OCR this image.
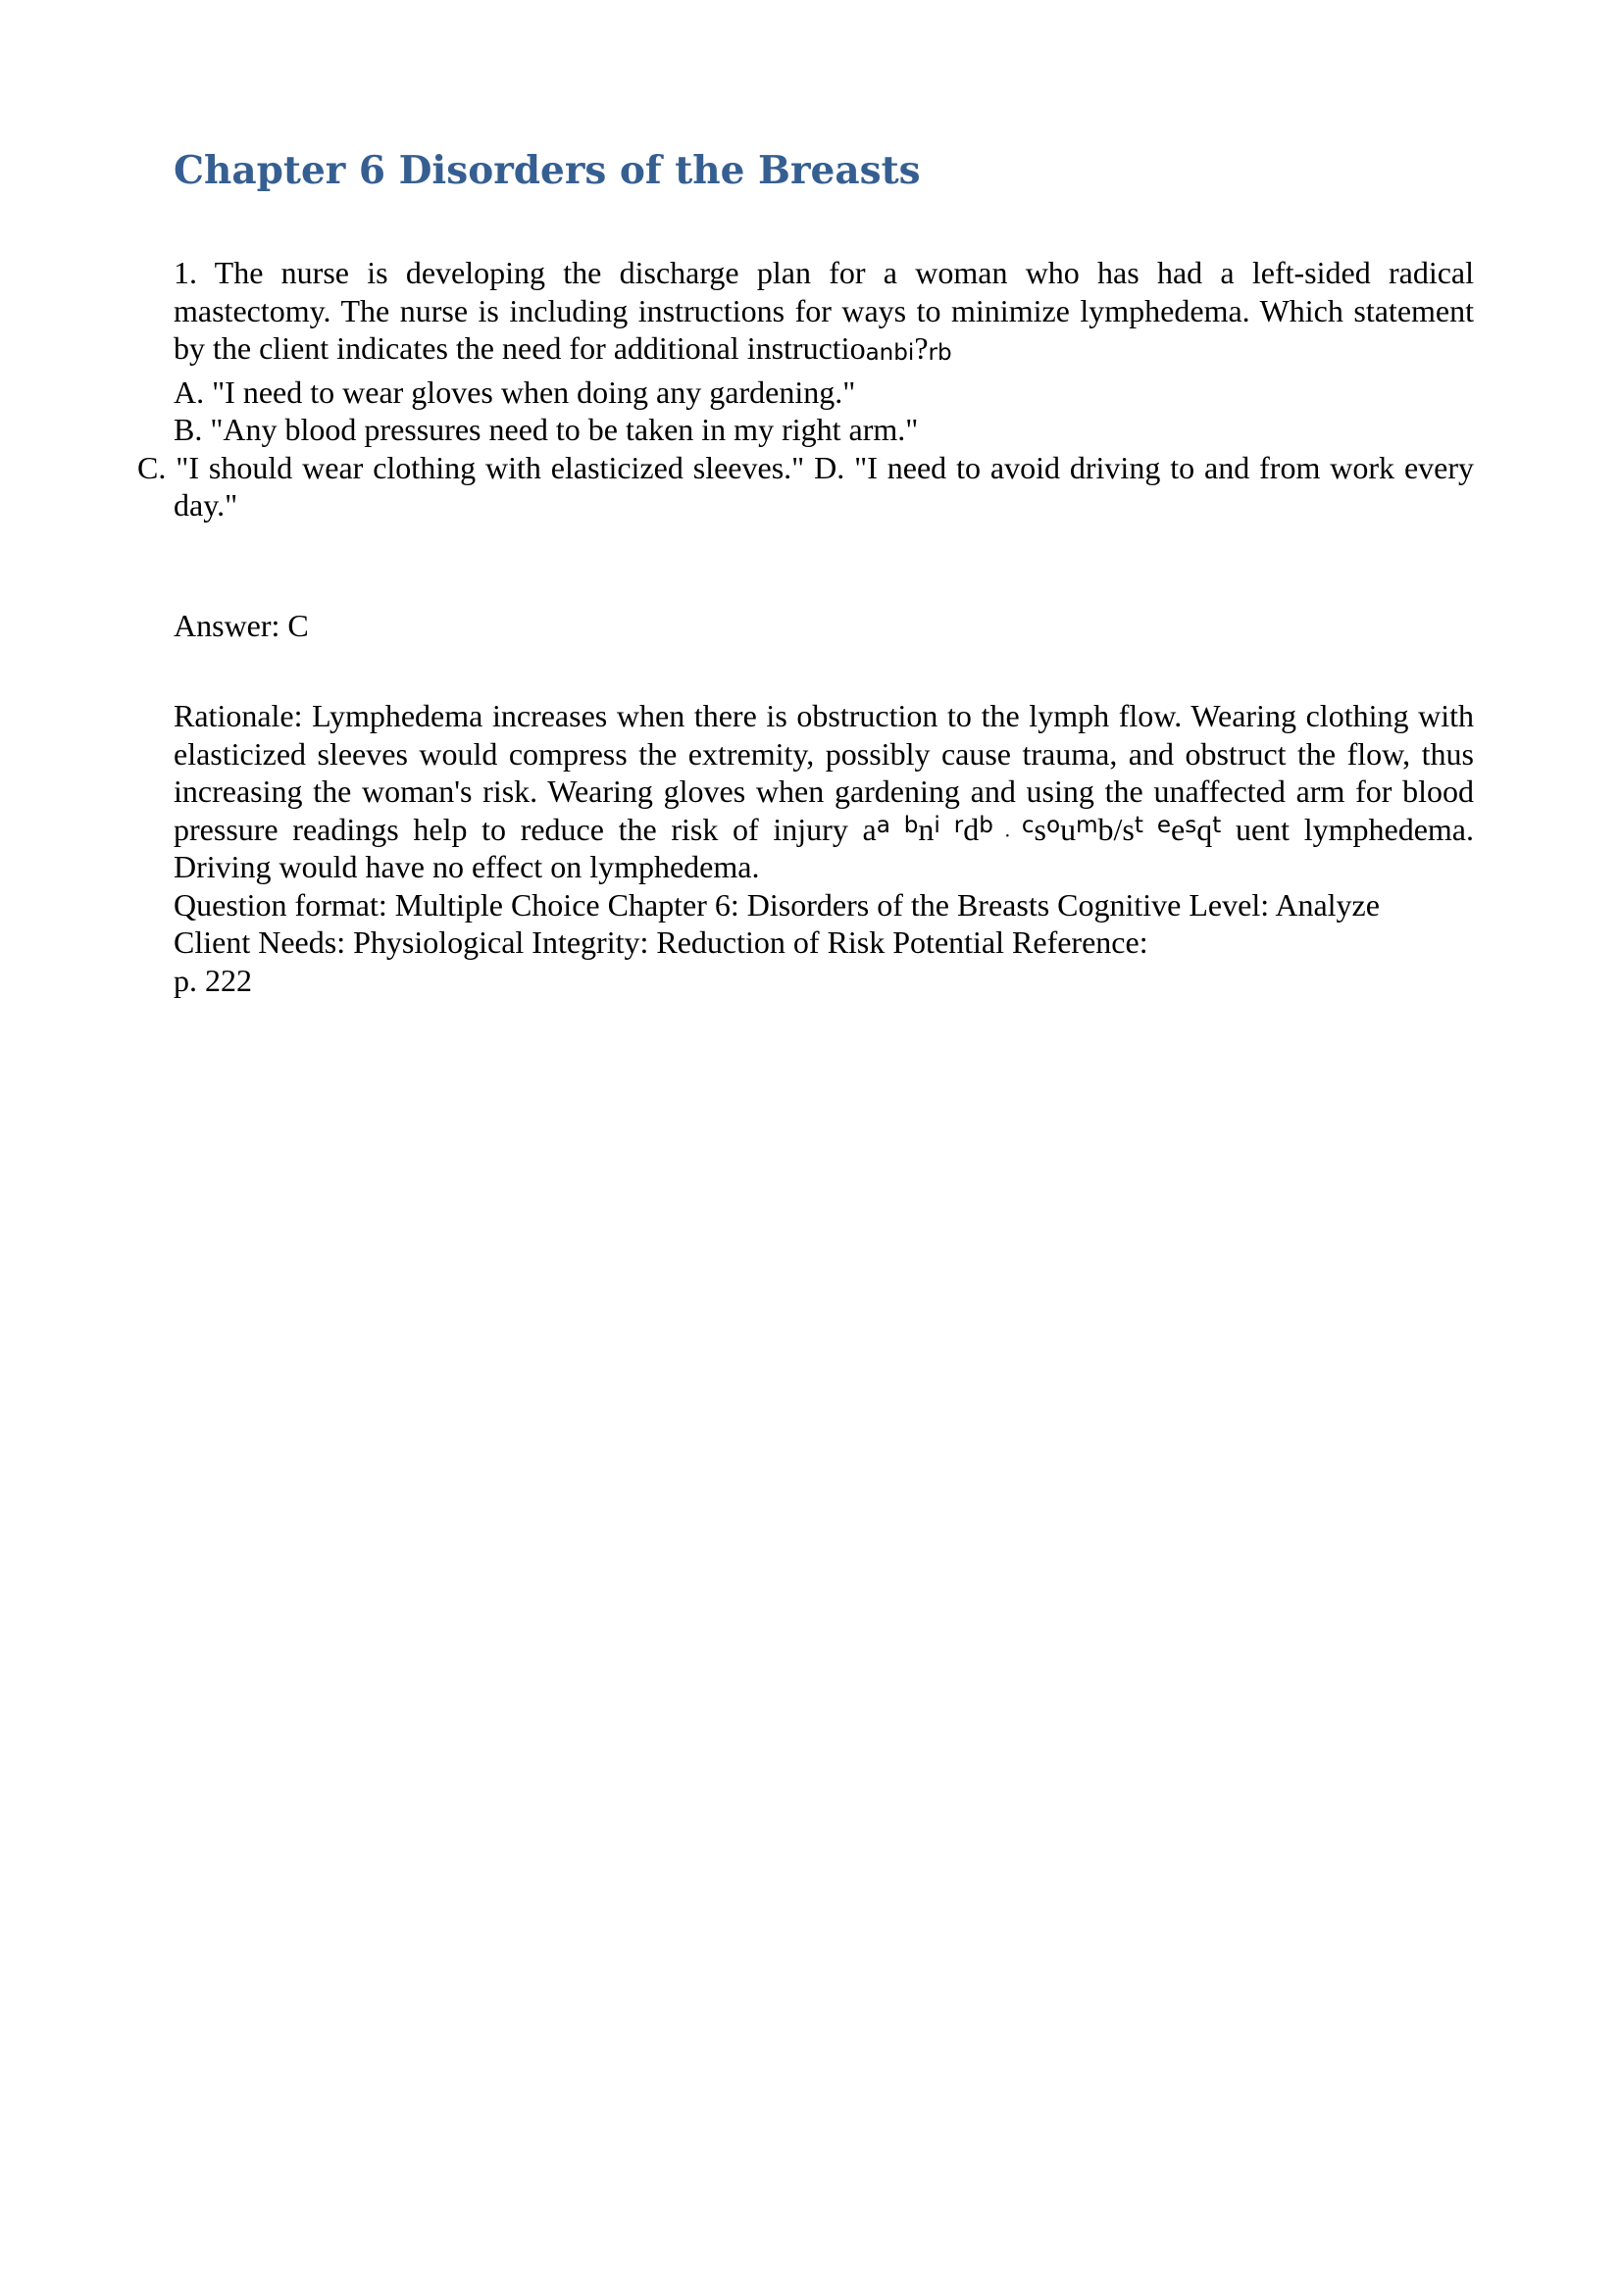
Chapter 6 Disorders of the Breasts

1. The nurse is developing the discharge plan for a woman who has had a left-sided radical mastectomy. The nurse is including instructions for ways to minimize lymphedema. Which statement by the client indicates the need for additional instructioanbi?rb

A. "I need to wear gloves when doing any gardening."

B. "Any blood pressures need to be taken in my right arm."

C. "I should wear clothing with elasticized sleeves." D. "I need to avoid driving to and from work every day."

Answer: C

Rationale: Lymphedema increases when there is obstruction to the lymph flow. Wearing clothing with elasticized sleeves would compress the extremity, possibly cause trauma, and obstruct the flow, thus increasing the woman's risk. Wearing gloves when gardening and using the unaffected arm for blood pressure readings help to reduce the risk of injury $a^{a b}n^{i r}d^b$ . $^cs^ou^mb/s^{t e}e^sq^t$ uent lymphedema. Driving would have no effect on lymphedema.

Question format: Multiple Choice Chapter 6: Disorders of the Breasts Cognitive Level: Analyze

Client Needs: Physiological Integrity: Reduction of Risk Potential Reference:

p. 222
